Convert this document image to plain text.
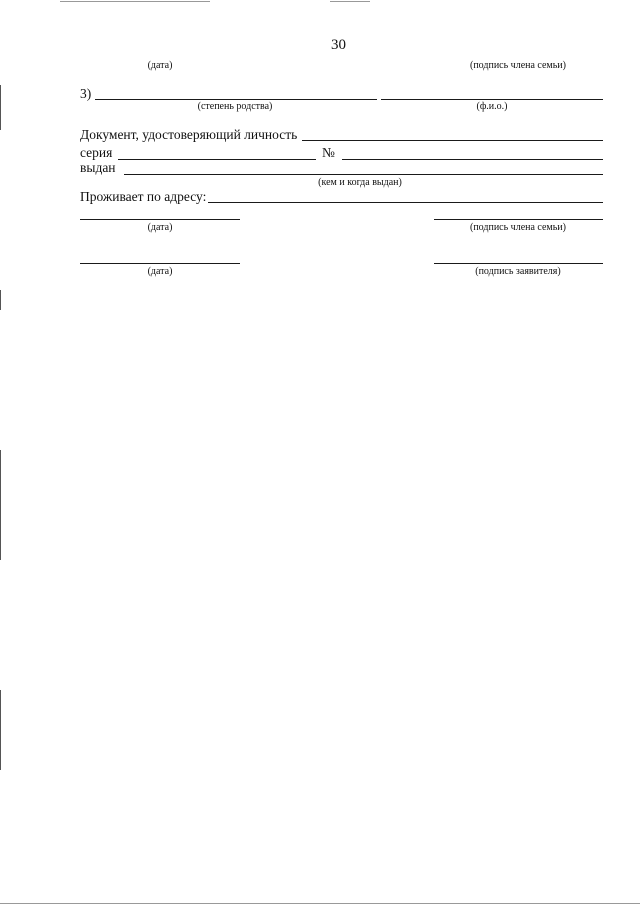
30
(дата)	(подпись члена семьи)
3)
(степень родства)	(ф.и.о.)
Документ, удостоверяющий личность
серия	№
выдан
(кем и когда выдан)
Проживает по адресу:
(дата)	(подпись члена семьи)
(дата)	(подпись заявителя)
